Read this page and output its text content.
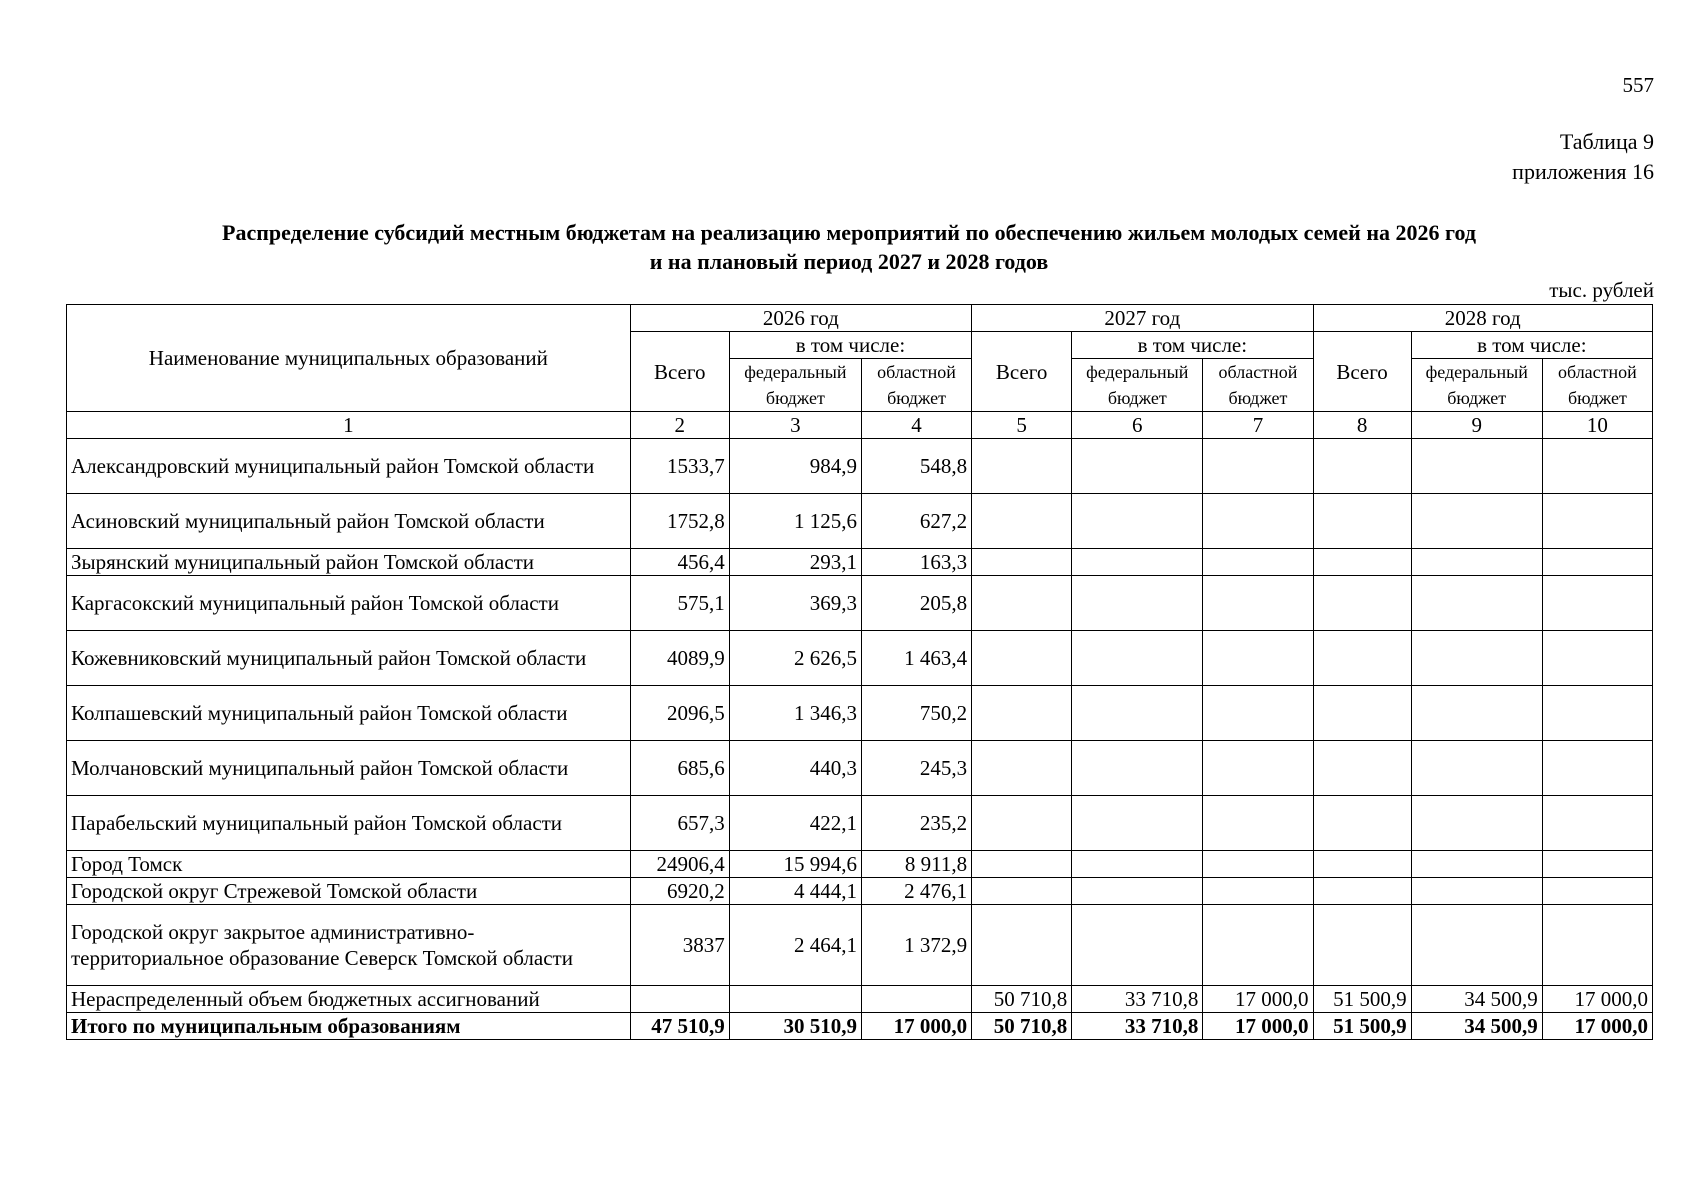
557
Таблица 9
приложения 16
Распределение субсидий местным бюджетам на реализацию мероприятий по обеспечению жильем молодых семей на 2026 год
и на плановый период 2027 и 2028 годов
тыс. рублей
Наименование муниципальных образований	2026 год			2027 год			2028 год		
	Всего	в том числе:		Всего	в том числе:		Всего	в том числе:	
		федеральный бюджет	областной бюджет		федеральный бюджет	областной бюджет		федеральный бюджет	областной бюджет
1	2	3	4	5	6	7	8	9	10
Александровский муниципальный район Томской области	1533,7	984,9	548,8						
Асиновский муниципальный район Томской области	1752,8	1 125,6	627,2						
Зырянский муниципальный район Томской области	456,4	293,1	163,3						
Каргасокский муниципальный район Томской области	575,1	369,3	205,8						
Кожевниковский муниципальный район Томской области	4089,9	2 626,5	1 463,4						
Колпашевский муниципальный район Томской области	2096,5	1 346,3	750,2						
Молчановский муниципальный район Томской области	685,6	440,3	245,3						
Парабельский муниципальный район Томской области	657,3	422,1	235,2						
Город Томск	24906,4	15 994,6	8 911,8						
Городской округ Стрежевой Томской области	6920,2	4 444,1	2 476,1						
Городской округ закрытое административно-территориальное образование Северск Томской области	3837	2 464,1	1 372,9						
Нераспределенный объем бюджетных ассигнований				50 710,8	33 710,8	17 000,0	51 500,9	34 500,9	17 000,0
Итого по муниципальным образованиям	47 510,9	30 510,9	17 000,0	50 710,8	33 710,8	17 000,0	51 500,9	34 500,9	17 000,0
